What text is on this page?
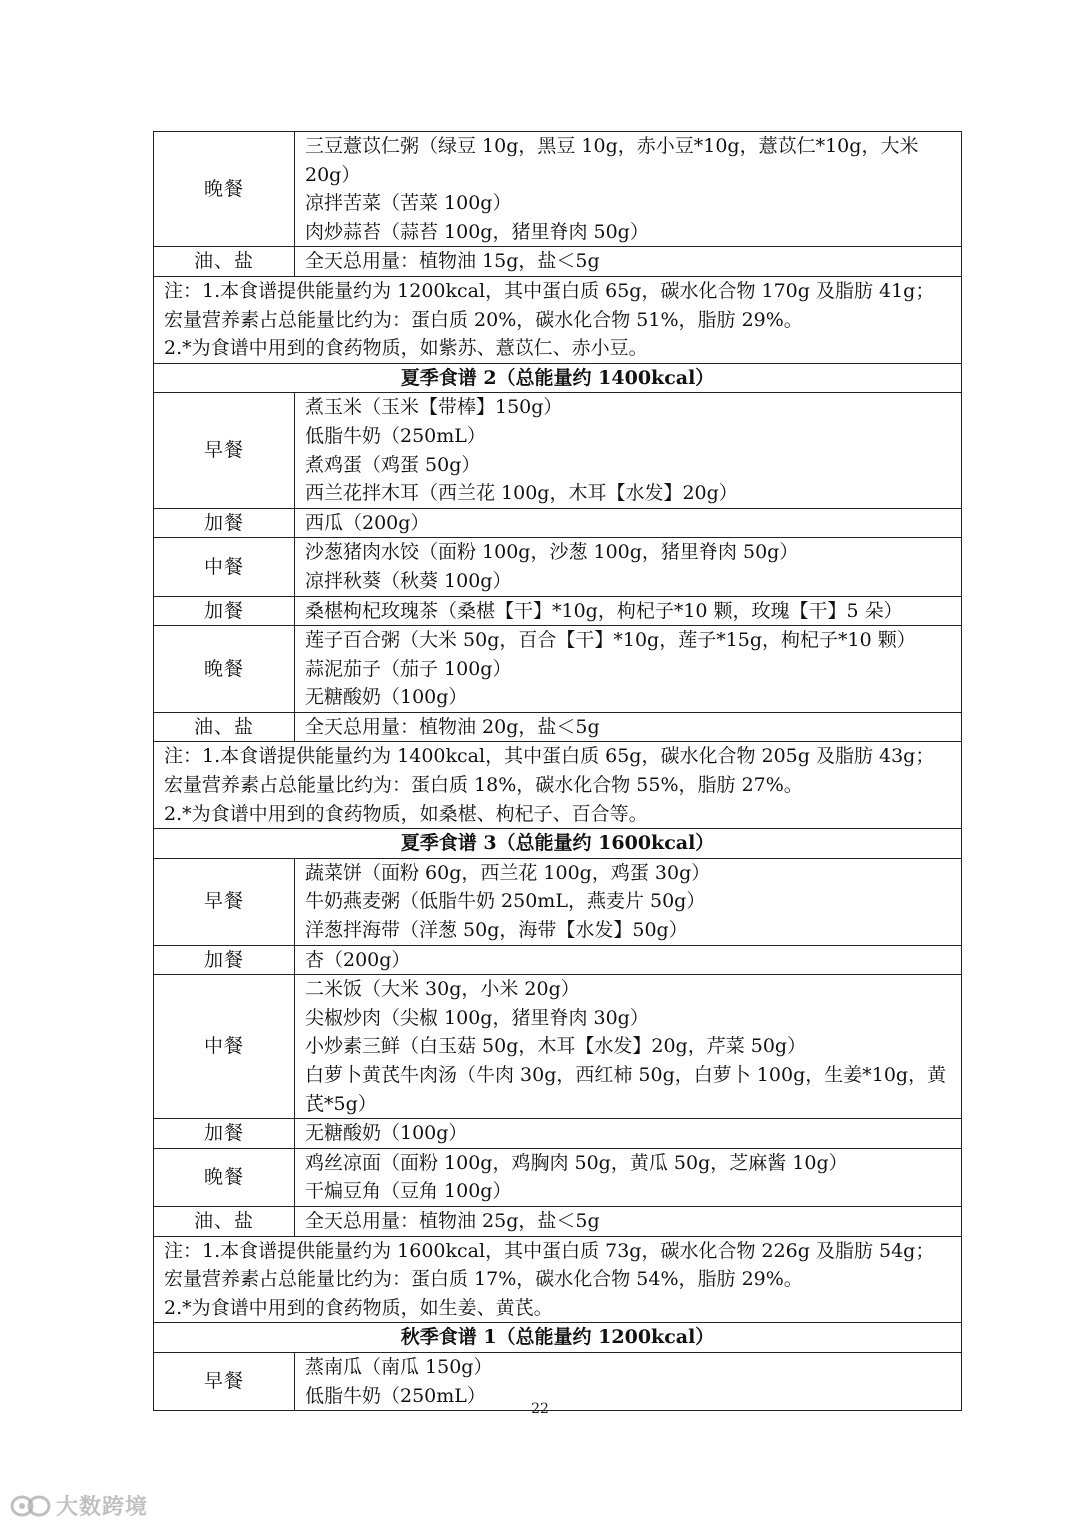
晚餐	三豆薏苡仁粥（绿豆 10g，黑豆 10g，赤小豆*10g，薏苡仁*10g，大米 20g）
凉拌苦菜（苦菜 100g）
肉炒蒜苔（蒜苔 100g，猪里脊肉 50g）

油、盐	全天总用量：植物油 15g，盐＜5g

注：1.本食谱提供能量约为 1200kcal，其中蛋白质 65g，碳水化合物 170g 及脂肪 41g；宏量营养素占总能量比约为：蛋白质 20%，碳水化合物 51%，脂肪 29%。
2.*为食谱中用到的食药物质，如紫苏、薏苡仁、赤小豆。	

夏季食谱 2（总能量约 1400kcal）	
早餐	煮玉米（玉米【带棒】150g）
低脂牛奶（250mL）
煮鸡蛋（鸡蛋 50g）
西兰花拌木耳（西兰花 100g，木耳【水发】20g）

加餐	西瓜（200g）

中餐	沙葱猪肉水饺（面粉 100g，沙葱 100g，猪里脊肉 50g）
凉拌秋葵（秋葵 100g）

加餐	桑椹枸杞玫瑰茶（桑椹【干】*10g，枸杞子*10 颗，玫瑰【干】5 朵）

晚餐	莲子百合粥（大米 50g，百合【干】*10g，莲子*15g，枸杞子*10 颗）
蒜泥茄子（茄子 100g）
无糖酸奶（100g）

油、盐	全天总用量：植物油 20g，盐＜5g

注：1.本食谱提供能量约为 1400kcal，其中蛋白质 65g，碳水化合物 205g 及脂肪 43g；宏量营养素占总能量比约为：蛋白质 18%，碳水化合物 55%，脂肪 27%。
2.*为食谱中用到的食药物质，如桑椹、枸杞子、百合等。	

夏季食谱 3（总能量约 1600kcal）	
早餐	蔬菜饼（面粉 60g，西兰花 100g，鸡蛋 30g）
牛奶燕麦粥（低脂牛奶 250mL，燕麦片 50g）
洋葱拌海带（洋葱 50g，海带【水发】50g）

加餐	杏（200g）

中餐	二米饭（大米 30g，小米 20g）
尖椒炒肉（尖椒 100g，猪里脊肉 30g）
小炒素三鲜（白玉菇 50g，木耳【水发】20g，芹菜 50g）
白萝卜黄芪牛肉汤（牛肉 30g，西红柿 50g，白萝卜 100g，生姜*10g，黄芪*5g）

加餐	无糖酸奶（100g）

晚餐	鸡丝凉面（面粉 100g，鸡胸肉 50g，黄瓜 50g，芝麻酱 10g）
干煸豆角（豆角 100g）

油、盐	全天总用量：植物油 25g，盐＜5g

注：1.本食谱提供能量约为 1600kcal，其中蛋白质 73g，碳水化合物 226g 及脂肪 54g；宏量营养素占总能量比约为：蛋白质 17%，碳水化合物 54%，脂肪 29%。
2.*为食谱中用到的食药物质，如生姜、黄芪。	

秋季食谱 1（总能量约 1200kcal）	
早餐	蒸南瓜（南瓜 150g）
低脂牛奶（250mL）
22
大数跨境
